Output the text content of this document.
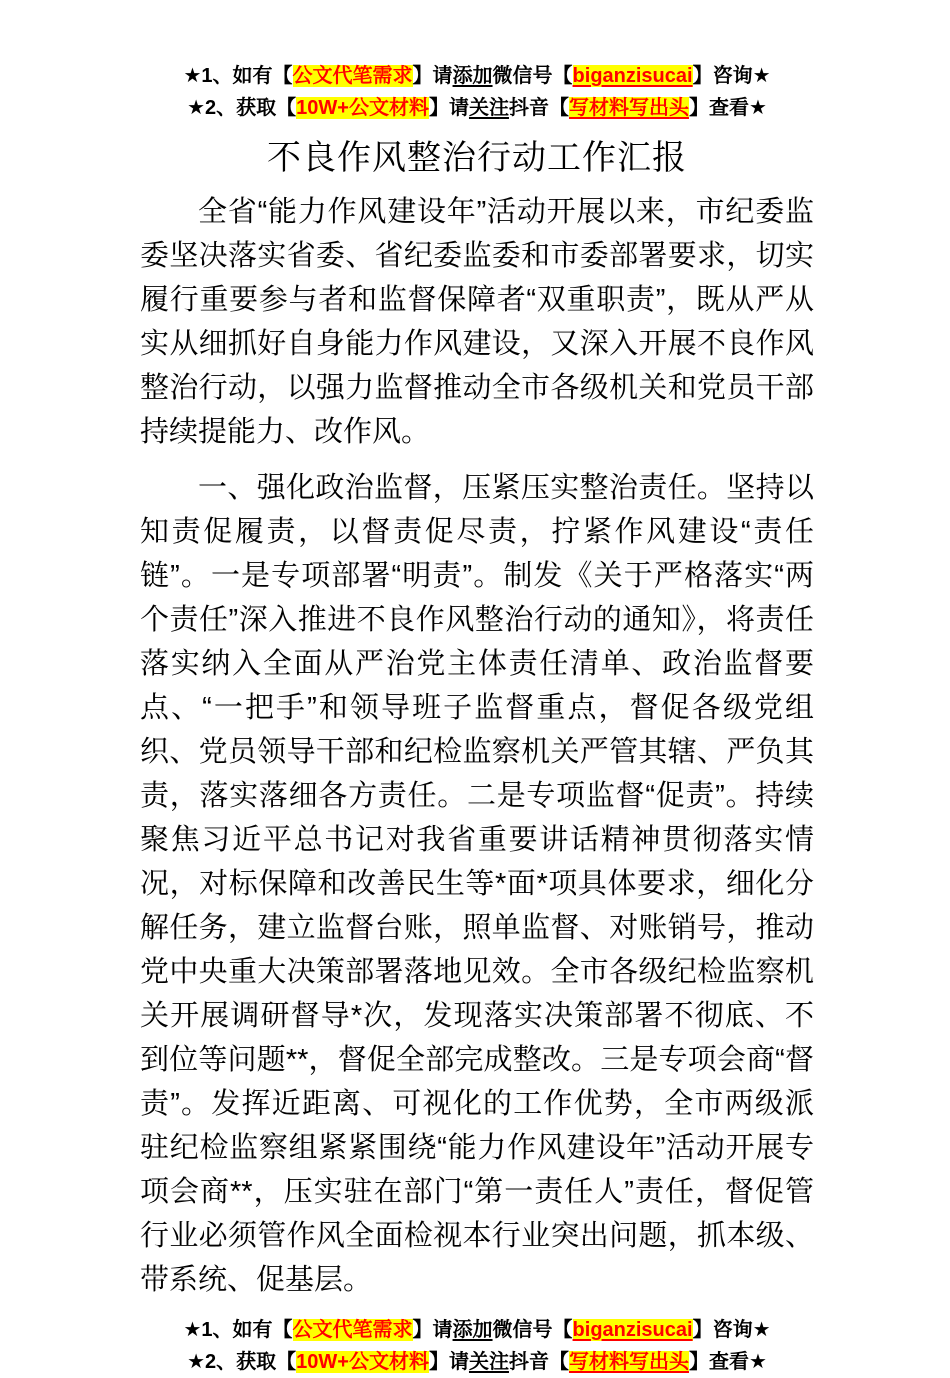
★1、如有【公文代笔需求】请添加微信号【biganzisucai】咨询★
★2、获取【10W+公文材料】请关注抖音【写材料写出头】查看★
不良作风整治行动工作汇报

全省“能力作风建设年”活动开展以来，市纪委监委坚决落实省委、省纪委监委和市委部署要求，切实履行重要参与者和监督保障者“双重职责”，既从严从实从细抓好自身能力作风建设，又深入开展不良作风整治行动，以强力监督推动全市各级机关和党员干部持续提能力、改作风。

一、强化政治监督，压紧压实整治责任。坚持以知责促履责，以督责促尽责，拧紧作风建设“责任链”。一是专项部署“明责”。制发《关于严格落实“两个责任”深入推进不良作风整治行动的通知》，将责任落实纳入全面从严治党主体责任清单、政治监督要点、“一把手”和领导班子监督重点，督促各级党组织、党员领导干部和纪检监察机关严管其辖、严负其责，落实落细各方责任。二是专项监督“促责”。持续聚焦习近平总书记对我省重要讲话精神贯彻落实情况，对标保障和改善民生等*面*项具体要求，细化分解任务，建立监督台账，照单监督、对账销号，推动党中央重大决策部署落地见效。全市各级纪检监察机关开展调研督导*次，发现落实决策部署不彻底、不到位等问题**，督促全部完成整改。三是专项会商“督责”。发挥近距离、可视化的工作优势，全市两级派驻纪检监察组紧紧围绕“能力作风建设年”活动开展专项会商**，压实驻在部门“第一责任人”责任，督促管行业必须管作风全面检视本行业突出问题，抓本级、带系统、促基层。

★1、如有【公文代笔需求】请添加微信号【biganzisucai】咨询★
★2、获取【10W+公文材料】请关注抖音【写材料写出头】查看★
